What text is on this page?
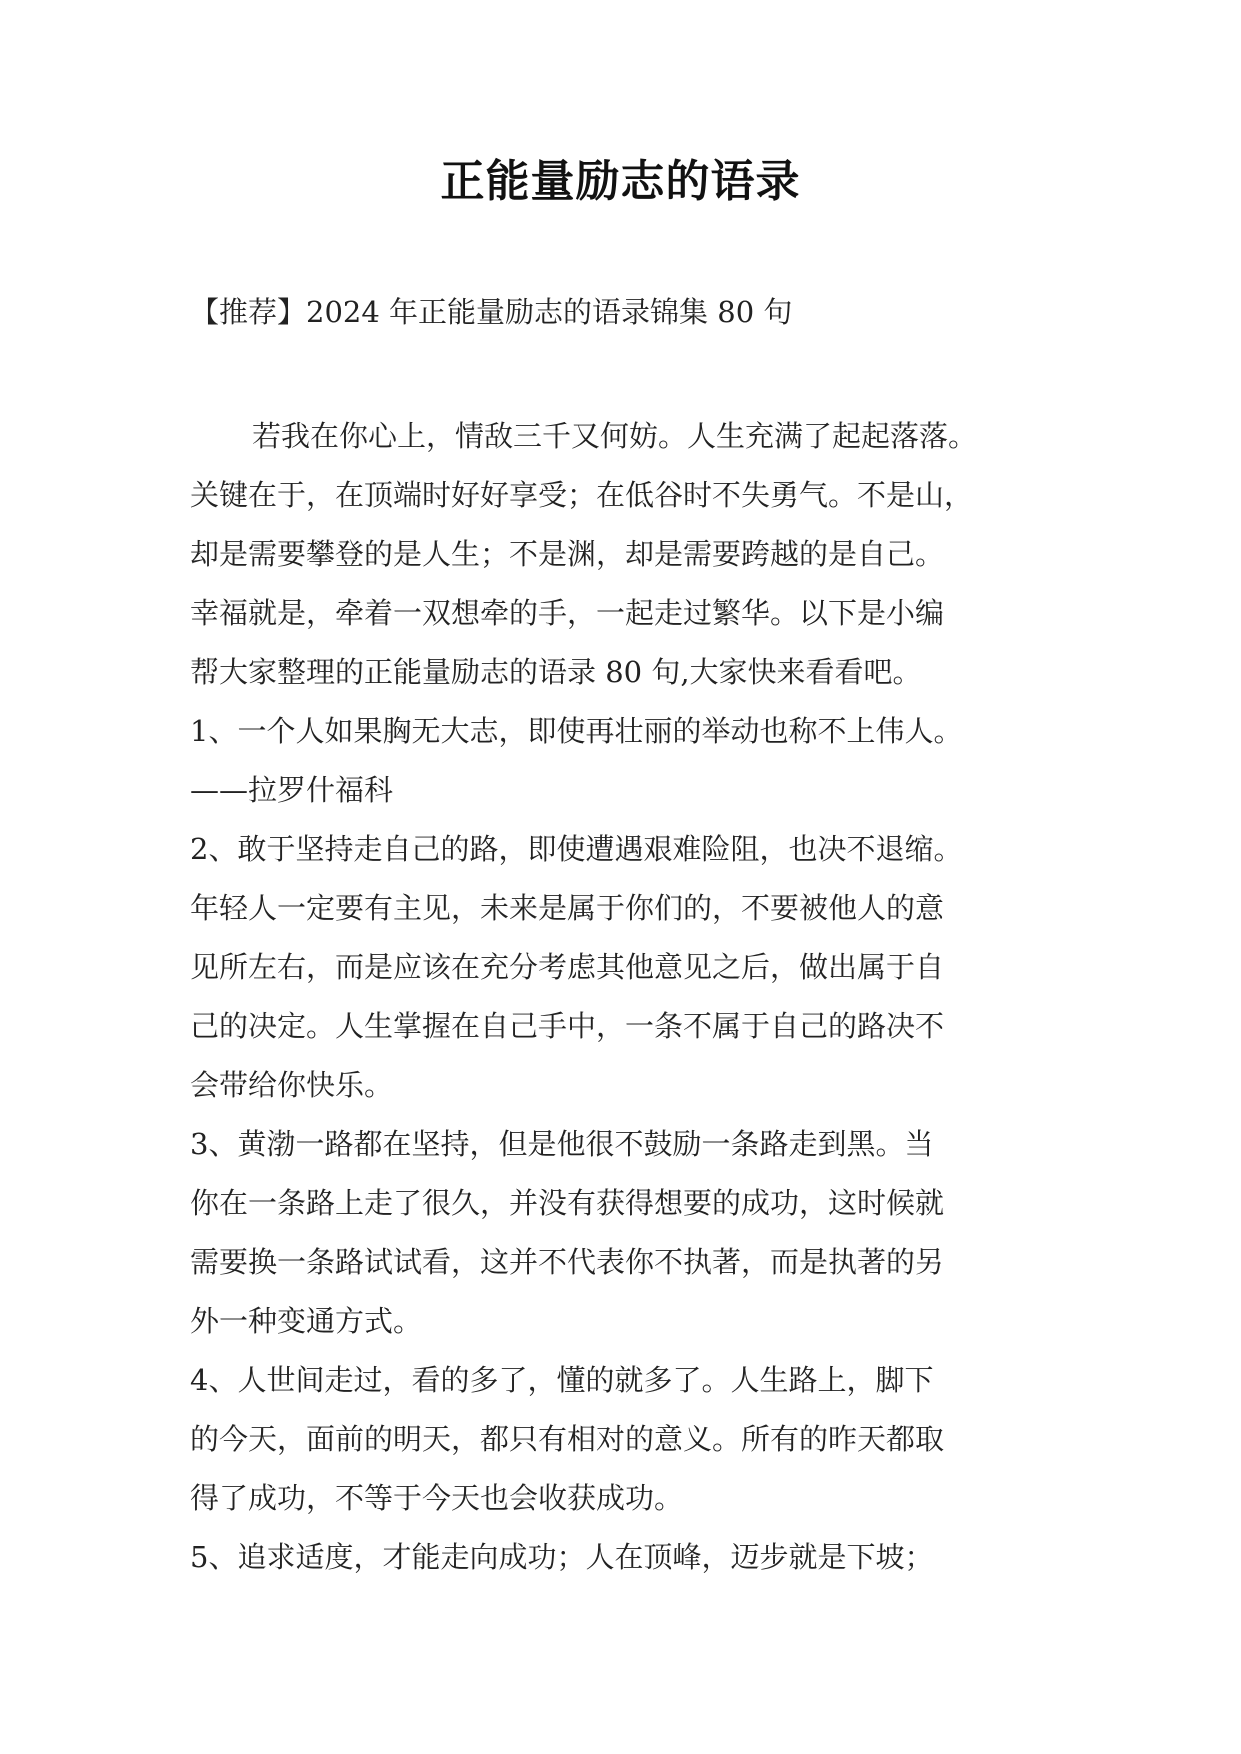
正能量励志的语录
【推荐】2024 年正能量励志的语录锦集 80 句
若我在你心上，情敌三千又何妨。人生充满了起起落落。
关键在于，在顶端时好好享受；在低谷时不失勇气。不是山，
却是需要攀登的是人生；不是渊，却是需要跨越的是自己。
幸福就是，牵着一双想牵的手，一起走过繁华。以下是小编
帮大家整理的正能量励志的语录 80 句,大家快来看看吧。
1、一个人如果胸无大志，即使再壮丽的举动也称不上伟人。
——拉罗什福科
2、敢于坚持走自己的路，即使遭遇艰难险阻，也决不退缩。
年轻人一定要有主见，未来是属于你们的，不要被他人的意
见所左右，而是应该在充分考虑其他意见之后，做出属于自
己的决定。人生掌握在自己手中，一条不属于自己的路决不
会带给你快乐。
3、黄渤一路都在坚持，但是他很不鼓励一条路走到黑。当
你在一条路上走了很久，并没有获得想要的成功，这时候就
需要换一条路试试看，这并不代表你不执著，而是执著的另
外一种变通方式。
4、人世间走过，看的多了，懂的就多了。人生路上，脚下
的今天，面前的明天，都只有相对的意义。所有的昨天都取
得了成功，不等于今天也会收获成功。
5、追求适度，才能走向成功；人在顶峰，迈步就是下坡；
